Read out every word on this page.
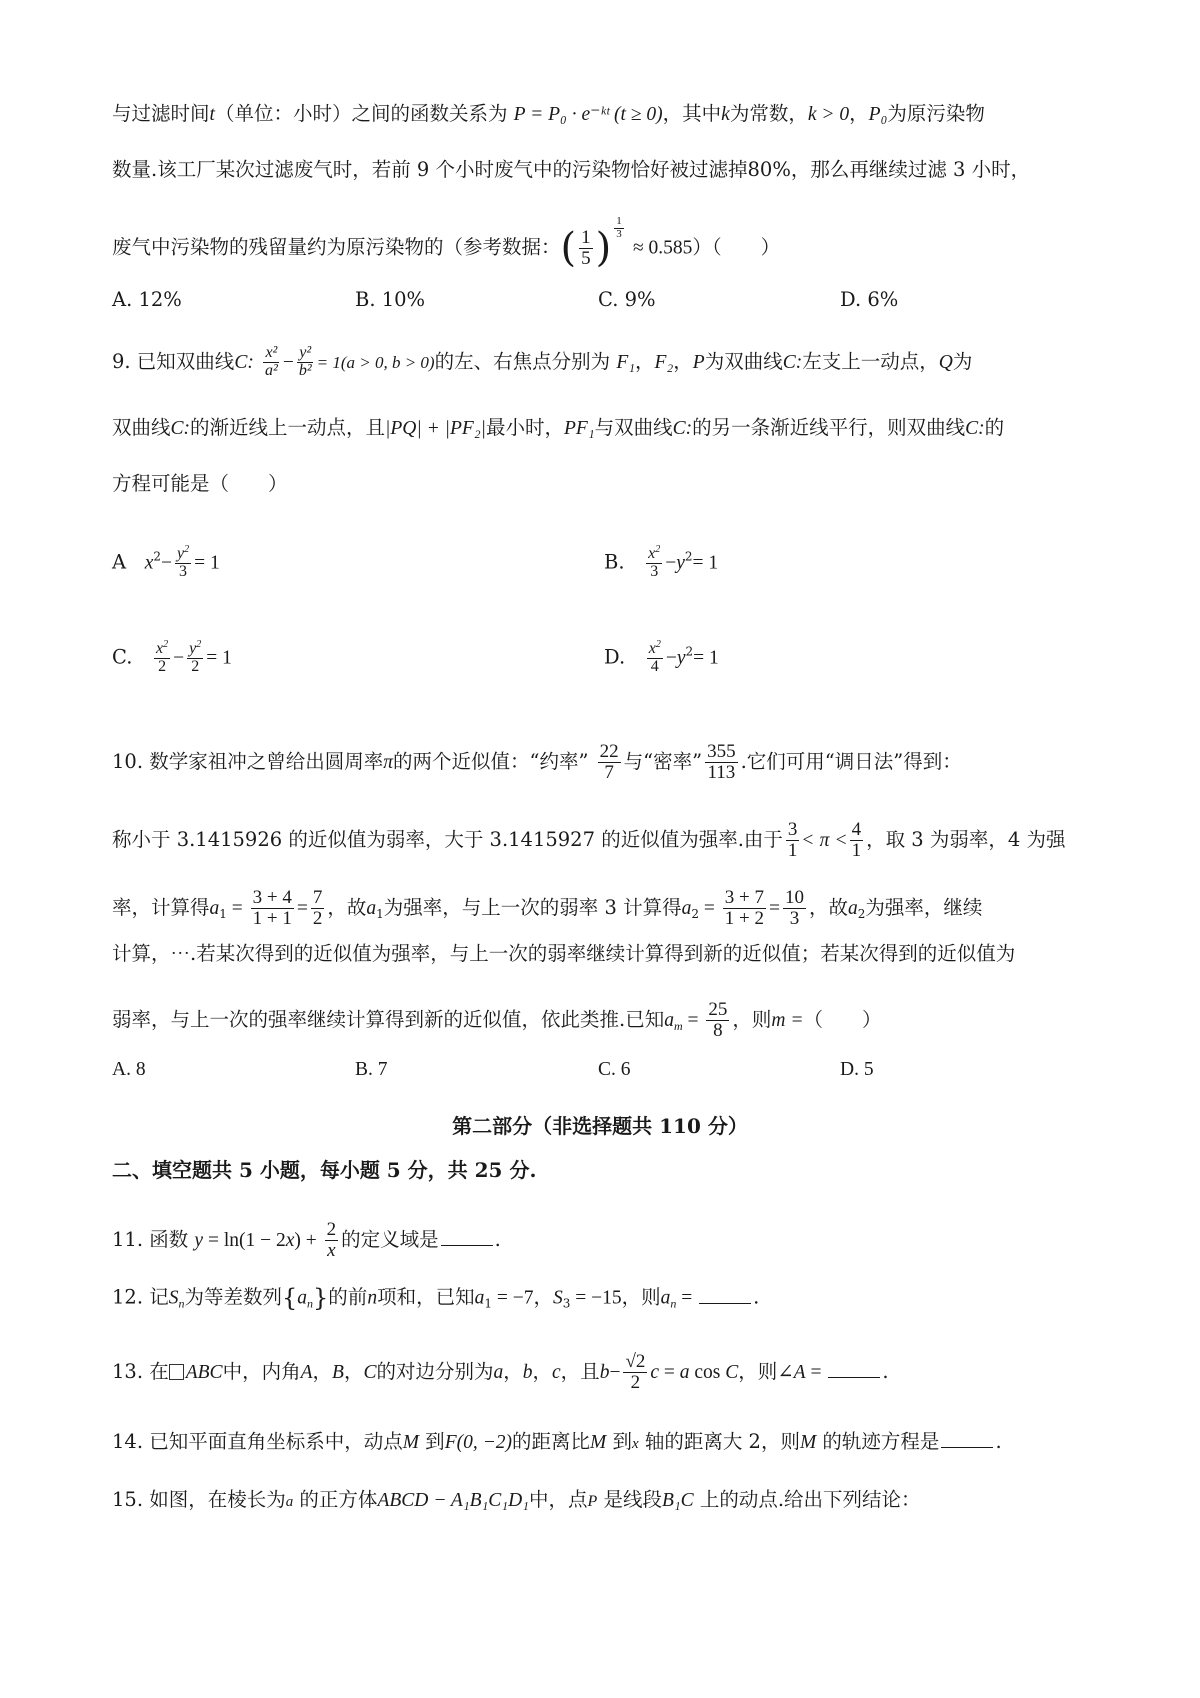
与过滤时间t（单位：小时）之间的函数关系为 P = P₀ · e⁻ᵏᵗ (t ≥ 0)，其中k为常数，k > 0，P₀为原污染物
数量.该工厂某次过滤废气时，若前 9 个小时废气中的污染物恰好被过滤掉80%，那么再继续过滤 3 小时，
废气中污染物的残留量约为原污染物的（参考数据：( $\frac{1}{5}$ ) $^{\frac{1}{3}}$
≈ 0.585）（　　）
A. 12%	B. 10%	C. 9%	D. 6%
9. 已知双曲线C: $\frac{\text{x²}}{\text{a²}} - \frac{\text{y²}}{\text{b²}} = 1(a > 0$, b > 0)的左、右焦点分别为 F₁，F₂，P为双曲线C:左支上一动点，Q为
双曲线C:的渐近线上一动点，且|PQ| + |PF₂|最小时，PF₁与双曲线C:的另一条渐近线平行，则双曲线C:的
方程可能是（　　）
A $x^2- \frac{y^2}{3} = 1$	B. $\frac{x^2}{3} -y^2= 1$
C. $\frac{x^2}{2} - \frac{y^2}{2} = 1$	D. $\frac{x^2}{4} -y^2= 1$
10. 数学家祖冲之曾给出圆周率π的两个近似值：“约率” $\frac{22}{7}$ 与“密率” $\frac{355}{113}$ .它们可用“调日法”得到：
称小于 3.1415926 的近似值为弱率，大于 3.1415927 的近似值为强率.由于 $\frac{3}{1} < \pi < \frac{4}{1}$ ，取 3 为弱率，4 为强
率，计算得$a_1 = \frac{3 + 4}{1 + 1} = \frac{7}{2}$ ，故$a_1$为强率，与上一次的弱率 3 计算得$a_2 = \frac{3 + 7}{1 + 2} = \frac{10}{3}$ ，故$a_2$为强率，继续
计算，⋯.若某次得到的近似值为强率，与上一次的弱率继续计算得到新的近似值；若某次得到的近似值为
弱率，与上一次的强率继续计算得到新的近似值，依此类推.已知$a_m = \frac{25}{8}$ ，则m =（　　）
A. 8	B. 7	C. 6	D. 5
第二部分（非选择题共 110 分）
二、填空题共 5 小题，每小题 5 分，共 25 分.
11. 函数 $y = \ln(1 - 2x) + \frac{2}{x}$ 的定义域是	.
12. 记$S_n$为等差数列$\{a_n\}$的前n项和，已知$a_1 = -7$，$S_3 = -15$，则$a_n$ =	.
13. 在 ABC中，内角A，B，C的对边分别为a，b，c，且$b- \frac{√2}{2}$ c = a cos C，则∠A =	.
14. 已知平面直角坐标系中，动点M 到F(0, −2)的距离比M 到x 轴的距离大 2，则M 的轨迹方程是	.
15. 如图，在棱长为a 的正方体ABCD − A₁B₁C₁D₁中，点P 是线段B₁C 上的动点.给出下列结论：
